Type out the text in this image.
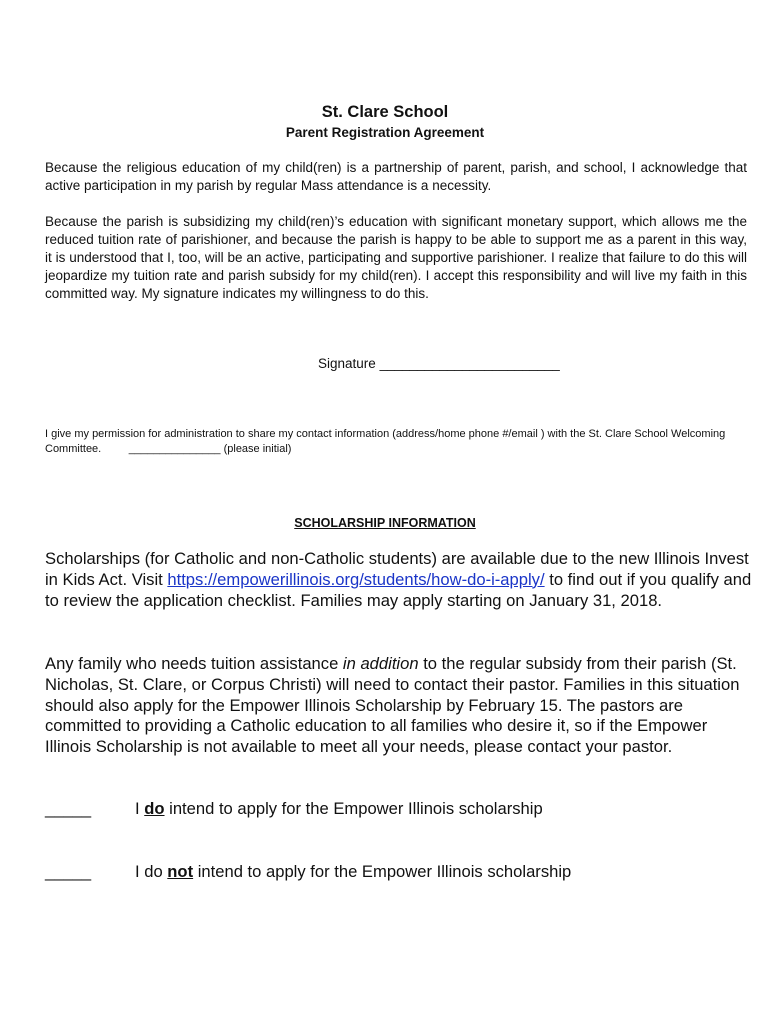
St. Clare School
Parent Registration Agreement

Because the religious education of my child(ren) is a partnership of parent, parish, and school, I acknowledge that active participation in my parish by regular Mass attendance is a necessity.

Because the parish is subsidizing my child(ren)’s education with significant monetary support, which allows me the reduced tuition rate of parishioner, and because the parish is happy to be able to support me as a parent in this way, it is understood that I, too, will be an active, participating and supportive parishioner. I realize that failure to do this will jeopardize my tuition rate and parish subsidy for my child(ren). I accept this responsibility and will live my faith in this committed way. My signature indicates my willingness to do this.

Signature ________________________
I give my permission for administration to share my contact information (address/home phone #/email ) with the St. Clare School Welcoming Committee.	_______________ (please initial)
SCHOLARSHIP INFORMATION

Scholarships (for Catholic and non-Catholic students) are available due to the new Illinois Invest in Kids Act. Visit https://empowerillinois.org/students/how-do-i-apply/ to find out if you qualify and to review the application checklist. Families may apply starting on January 31, 2018.

Any family who needs tuition assistance in addition to the regular subsidy from their parish (St. Nicholas, St. Clare, or Corpus Christi) will need to contact their pastor. Families in this situation should also apply for the Empower Illinois Scholarship by February 15. The pastors are committed to providing a Catholic education to all families who desire it, so if the Empower Illinois Scholarship is not available to meet all your needs, please contact your pastor.

_____	I do intend to apply for the Empower Illinois scholarship
_____	I do not intend to apply for the Empower Illinois scholarship
